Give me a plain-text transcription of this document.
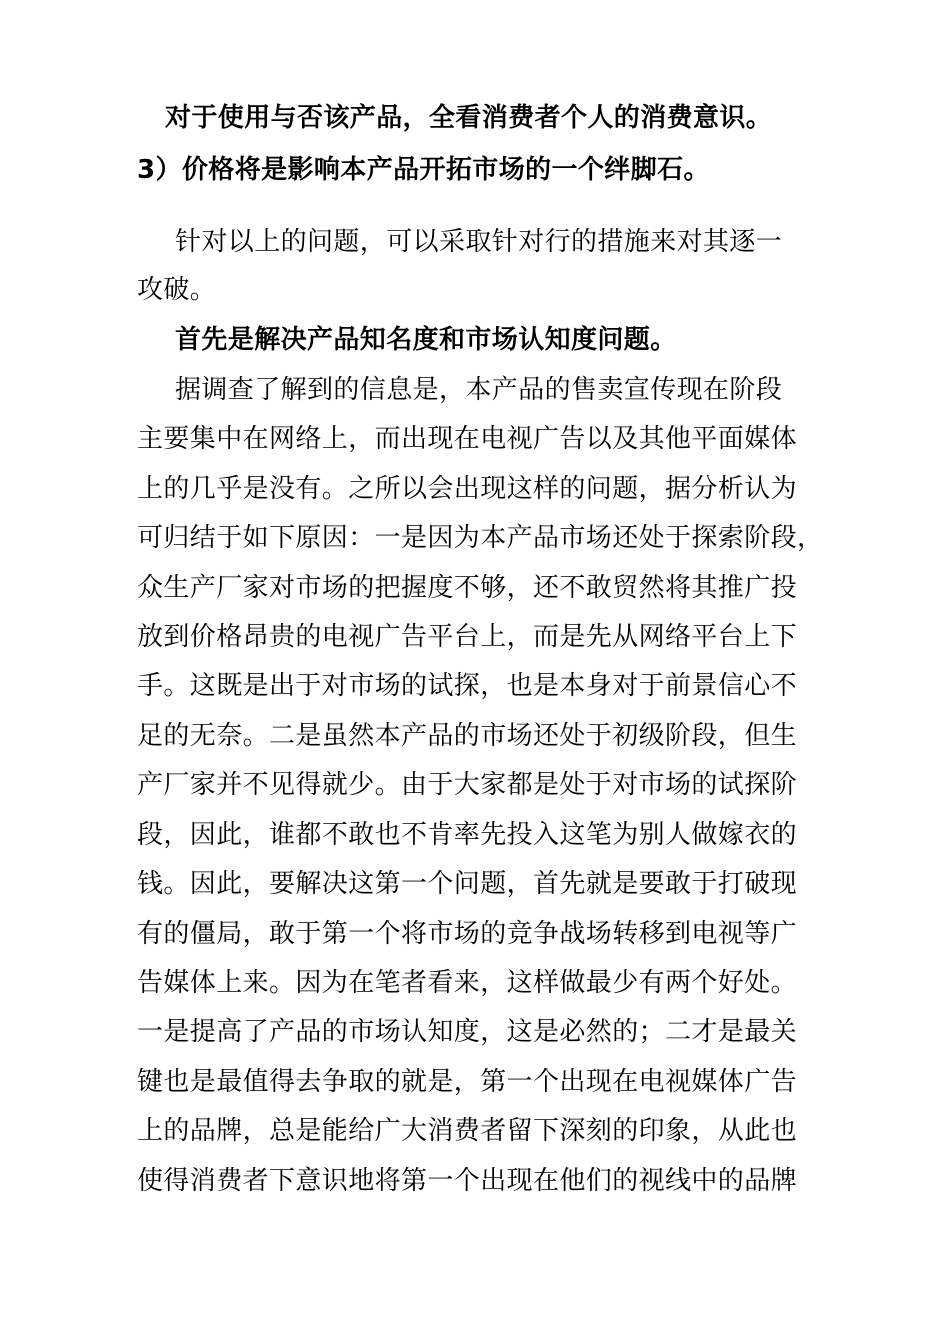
对于使用与否该产品，全看消费者个人的消费意识。
3）价格将是影响本产品开拓市场的一个绊脚石。
针对以上的问题，可以采取针对行的措施来对其逐一
攻破。
首先是解决产品知名度和市场认知度问题。
据调查了解到的信息是，本产品的售卖宣传现在阶段
主要集中在网络上，而出现在电视广告以及其他平面媒体
上的几乎是没有。之所以会出现这样的问题，据分析认为
可归结于如下原因：一是因为本产品市场还处于探索阶段，
众生产厂家对市场的把握度不够，还不敢贸然将其推广投
放到价格昂贵的电视广告平台上，而是先从网络平台上下
手。这既是出于对市场的试探，也是本身对于前景信心不
足的无奈。二是虽然本产品的市场还处于初级阶段，但生
产厂家并不见得就少。由于大家都是处于对市场的试探阶
段，因此，谁都不敢也不肯率先投入这笔为别人做嫁衣的
钱。因此，要解决这第一个问题，首先就是要敢于打破现
有的僵局，敢于第一个将市场的竞争战场转移到电视等广
告媒体上来。因为在笔者看来，这样做最少有两个好处。
一是提高了产品的市场认知度，这是必然的；二才是最关
键也是最值得去争取的就是，第一个出现在电视媒体广告
上的品牌，总是能给广大消费者留下深刻的印象，从此也
使得消费者下意识地将第一个出现在他们的视线中的品牌
